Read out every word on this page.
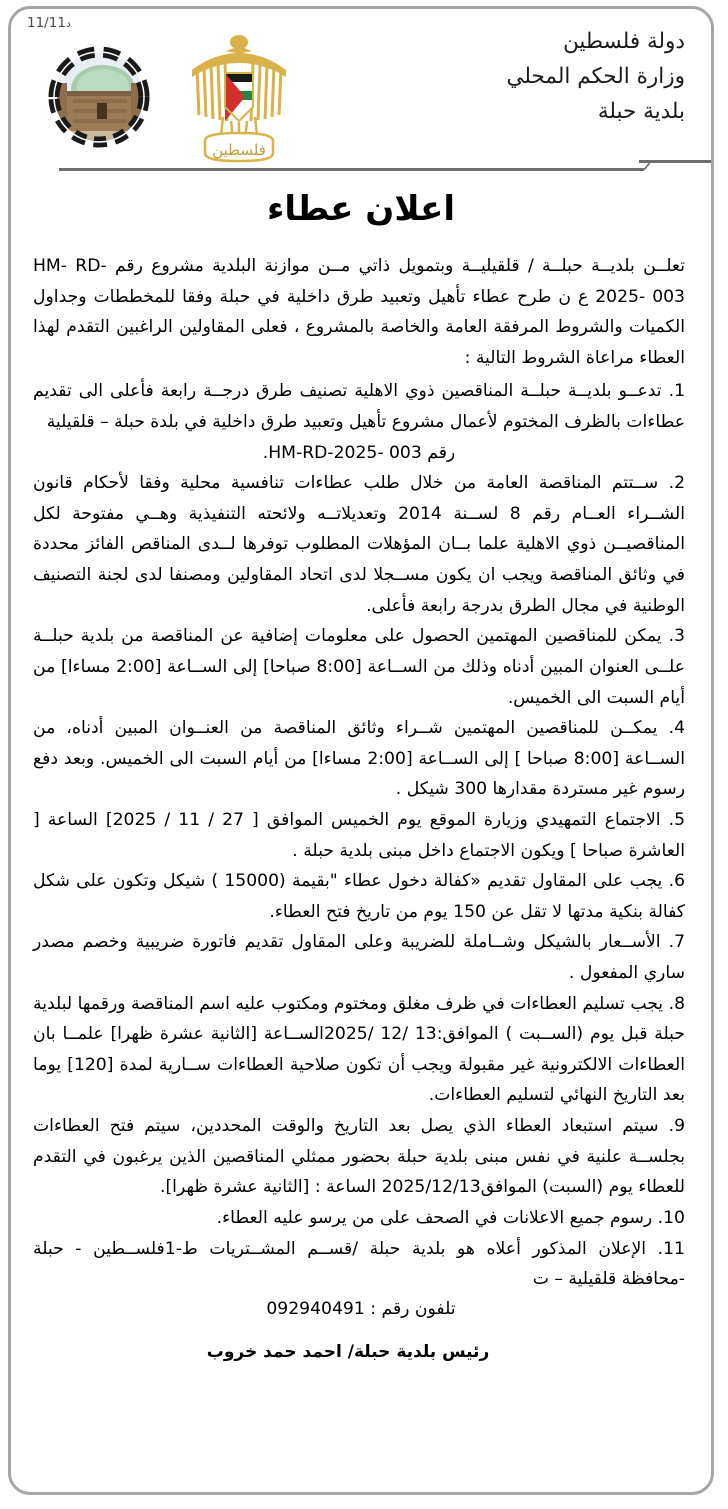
11/11د
دولة فلسطين
وزارة الحكم المحلي
بلدية حبلة
فلسطين
اعلان عطاء

تعلــن بلديــة حبلــة / قلقيليــة وبتمويل ذاتي مــن موازنة البلدية مشروع رقم HM- RD-2025- 003 ع ن طرح عطاء تأهيل وتعبيد طرق داخلية في حبلة وفقا للمخططات وجداول الكميات والشروط المرفقة العامة والخاصة بالمشروع ، فعلى المقاولين الراغبين التقدم لهذا العطاء مراعاة الشروط التالية :

1. تدعــو بلديــة حبلــة المناقصين ذوي الاهلية تصنيف طرق درجــة رابعة فأعلى الى تقديم عطاءات بالظرف المختوم لأعمال مشروع تأهيل وتعبيد طرق داخلية في بلدة حبلة – قلقيلية

رقم 003 -HM-RD-2025.

2. ســتتم المناقصة العامة من خلال طلب عطاءات تنافسية محلية وفقا لأحكام قانون الشــراء العــام رقم 8 لســنة 2014 وتعديلاتــه ولائحته التنفيذية وهــي مفتوحة لكل المناقصيــن ذوي الاهلية علما بــان المؤهلات المطلوب توفرها لــدى المناقص الفائز محددة في وثائق المناقصة ويجب ان يكون مســجلا لدى اتحاد المقاولين ومصنفا لدى لجنة التصنيف الوطنية في مجال الطرق بدرجة رابعة فأعلى.

3. يمكن للمناقصين المهتمين الحصول على معلومات إضافية عن المناقصة من بلدية حبلــة علــى العنوان المبين أدناه وذلك من الســاعة [8:00 صباحا] إلى الســاعة [2:00 مساءا] من أيام السبت الى الخميس.

4. يمكــن للمناقصين المهتمين شــراء وثائق المناقصة من العنــوان المبين أدناه، من الســاعة [8:00 صباحا ] إلى الســاعة [2:00 مساءا] من أيام السبت الى الخميس. وبعد دفع رسوم غير مستردة مقدارها 300 شيكل .

5. الاجتماع التمهيدي وزيارة الموقع يوم الخميس الموافق [ 27 / 11 / 2025] الساعة [ العاشرة صباحا ] ويكون الاجتماع داخل مبنى بلدية حبلة .

6. يجب على المقاول تقديم «كفالة دخول عطاء "بقيمة (15000 ) شيكل وتكون على شكل كفالة بنكية مدتها لا تقل عن 150 يوم من تاريخ فتح العطاء.

7. الأســعار بالشيكل وشــاملة للضريبة وعلى المقاول تقديم فاتورة ضريبية وخصم مصدر ساري المفعول .

8. يجب تسليم العطاءات في ظرف مغلق ومختوم ومكتوب عليه اسم المناقصة ورقمها لبلدية حبلة قبل يوم (الســبت ) الموافق:13 /12 /2025الســاعة [الثانية عشرة ظهرا] علمــا بان العطاءات الالكترونية غير مقبولة ويجب أن تكون صلاحية العطاءات ســارية لمدة [120] يوما بعد التاريخ النهائي لتسليم العطاءات.

9. سيتم استبعاد العطاء الذي يصل بعد التاريخ والوقت المحددين، سيتم فتح العطاءات بجلســة علنية في نفس مبنى بلدية حبلة بحضور ممثلي المناقصين الذين يرغبون في التقدم للعطاء يوم (السبت) الموافق2025/12/13 الساعة : [الثانية عشرة ظهرا].

10. رسوم جميع الاعلانات في الصحف على من يرسو عليه العطاء.

11. الإعلان المذكور أعلاه هو بلدية حبلة /قســم المشــتريات ط-1فلســطين - حبلة -محافظة قلقيلية – ت

تلفون رقم : 092940491

رئيس بلدية حبلة/ احمد حمد خروب
